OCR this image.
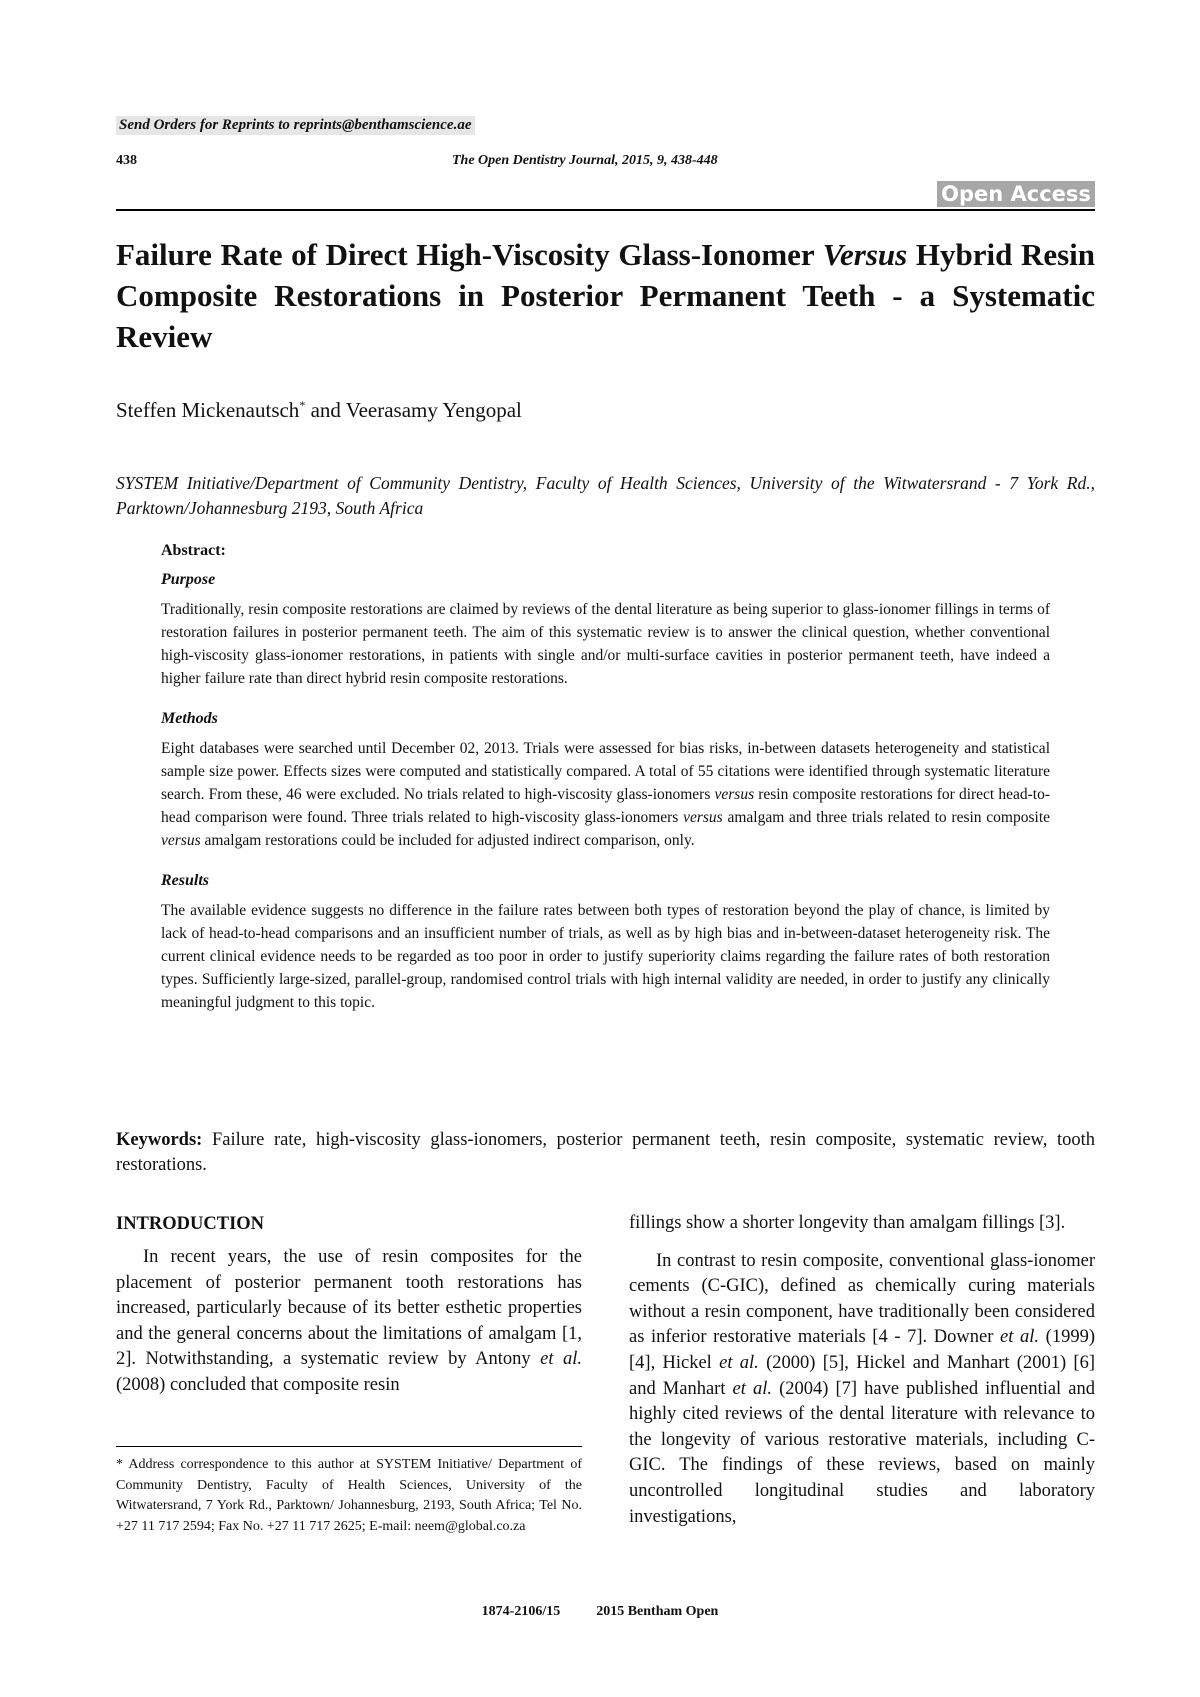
Send Orders for Reprints to reprints@benthamscience.ae
438	The Open Dentistry Journal, 2015, 9, 438-448
Open Access
Failure Rate of Direct High-Viscosity Glass-Ionomer Versus Hybrid Resin Composite Restorations in Posterior Permanent Teeth - a Systematic Review
Steffen Mickenautsch* and Veerasamy Yengopal
SYSTEM Initiative/Department of Community Dentistry, Faculty of Health Sciences, University of the Witwatersrand - 7 York Rd., Parktown/Johannesburg 2193, South Africa

Abstract:

Purpose

Traditionally, resin composite restorations are claimed by reviews of the dental literature as being superior to glass-ionomer fillings in terms of restoration failures in posterior permanent teeth. The aim of this systematic review is to answer the clinical question, whether conventional high-viscosity glass-ionomer restorations, in patients with single and/or multi-surface cavities in posterior permanent teeth, have indeed a higher failure rate than direct hybrid resin composite restorations.

Methods

Eight databases were searched until December 02, 2013. Trials were assessed for bias risks, in-between datasets heterogeneity and statistical sample size power. Effects sizes were computed and statistically compared. A total of 55 citations were identified through systematic literature search. From these, 46 were excluded. No trials related to high-viscosity glass-ionomers versus resin composite restorations for direct head-to-head comparison were found. Three trials related to high-viscosity glass-ionomers versus amalgam and three trials related to resin composite versus amalgam restorations could be included for adjusted indirect comparison, only.

Results

The available evidence suggests no difference in the failure rates between both types of restoration beyond the play of chance, is limited by lack of head-to-head comparisons and an insufficient number of trials, as well as by high bias and in-between-dataset heterogeneity risk. The current clinical evidence needs to be regarded as too poor in order to justify superiority claims regarding the failure rates of both restoration types. Sufficiently large-sized, parallel-group, randomised control trials with high internal validity are needed, in order to justify any clinically meaningful judgment to this topic.

Keywords: Failure rate, high-viscosity glass-ionomers, posterior permanent teeth, resin composite, systematic review, tooth restorations.

INTRODUCTION

In recent years, the use of resin composites for the placement of posterior permanent tooth restorations has increased, particularly because of its better esthetic properties and the general concerns about the limitations of amalgam [1, 2]. Notwithstanding, a systematic review by Antony et al. (2008) concluded that composite resin

* Address correspondence to this author at SYSTEM Initiative/ Department of Community Dentistry, Faculty of Health Sciences, University of the Witwatersrand, 7 York Rd., Parktown/ Johannesburg, 2193, South Africa; Tel No. +27 11 717 2594; Fax No. +27 11 717 2625; E-mail: neem@global.co.za

fillings show a shorter longevity than amalgam fillings [3].

In contrast to resin composite, conventional glass-ionomer cements (C-GIC), defined as chemically curing materials without a resin component, have traditionally been considered as inferior restorative materials [4 - 7]. Downer et al. (1999) [4], Hickel et al. (2000) [5], Hickel and Manhart (2001) [6] and Manhart et al. (2004) [7] have published influential and highly cited reviews of the dental literature with relevance to the longevity of various restorative materials, including C-GIC. The findings of these reviews, based on mainly uncontrolled longitudinal studies and laboratory investigations,

1874-2106/15	2015 Bentham Open
